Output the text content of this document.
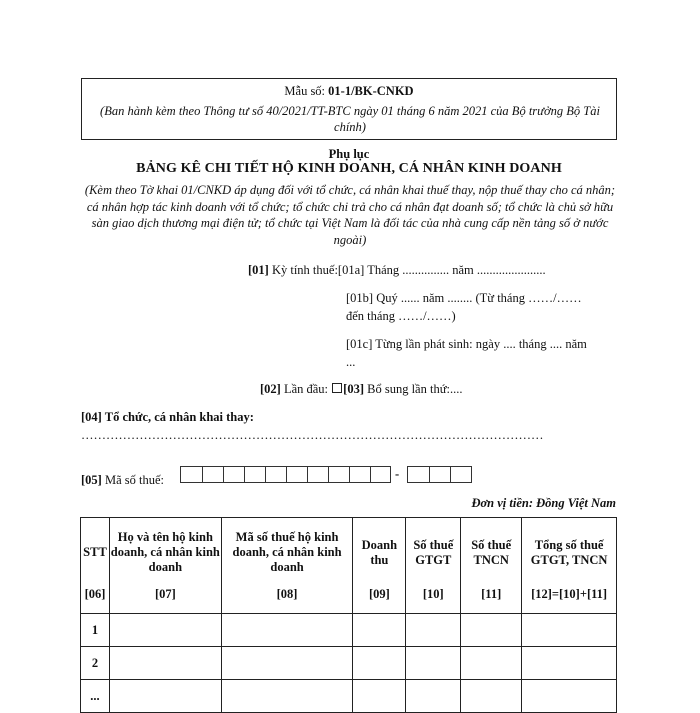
Mẫu số: 01-1/BK-CNKD
(Ban hành kèm theo Thông tư số 40/2021/TT-BTC ngày 01 tháng 6 năm 2021 của Bộ trưởng Bộ Tài chính)
Phụ lục
BẢNG KÊ CHI TIẾT HỘ KINH DOANH, CÁ NHÂN KINH DOANH
(Kèm theo Tờ khai 01/CNKD áp dụng đối với tổ chức, cá nhân khai thuế thay, nộp thuế thay cho cá nhân; cá nhân hợp tác kinh doanh với tổ chức; tổ chức chi trả cho cá nhân đạt doanh số; tổ chức là chủ sở hữu sàn giao dịch thương mại điện tử; tổ chức tại Việt Nam là đối tác của nhà cung cấp nền tảng số ở nước ngoài)
[01] Kỳ tính thuế:[01a] Tháng ............... năm ......................
[01b] Quý ...... năm ........ (Từ tháng ……/…… đến tháng ……/……)
[01c] Từng lần phát sinh: ngày .... tháng .... năm ...
[02] Lần đầu: [03] Bổ sung lần thứ:....
[04] Tổ chức, cá nhân khai thay: …………………………………………………………………………………………………
[05] Mã số thuế:	-
Đơn vị tiền: Đồng Việt Nam
STT	Họ và tên hộ kinh doanh, cá nhân kinh doanh	Mã số thuế hộ kinh doanh, cá nhân kinh doanh	Doanh thu	Số thuế GTGT	Số thuế TNCN	Tổng số thuế GTGT, TNCN
[06]	[07]	[08]	[09]	[10]	[11]	[12]=[10]+[11]
1						
2						
...						
